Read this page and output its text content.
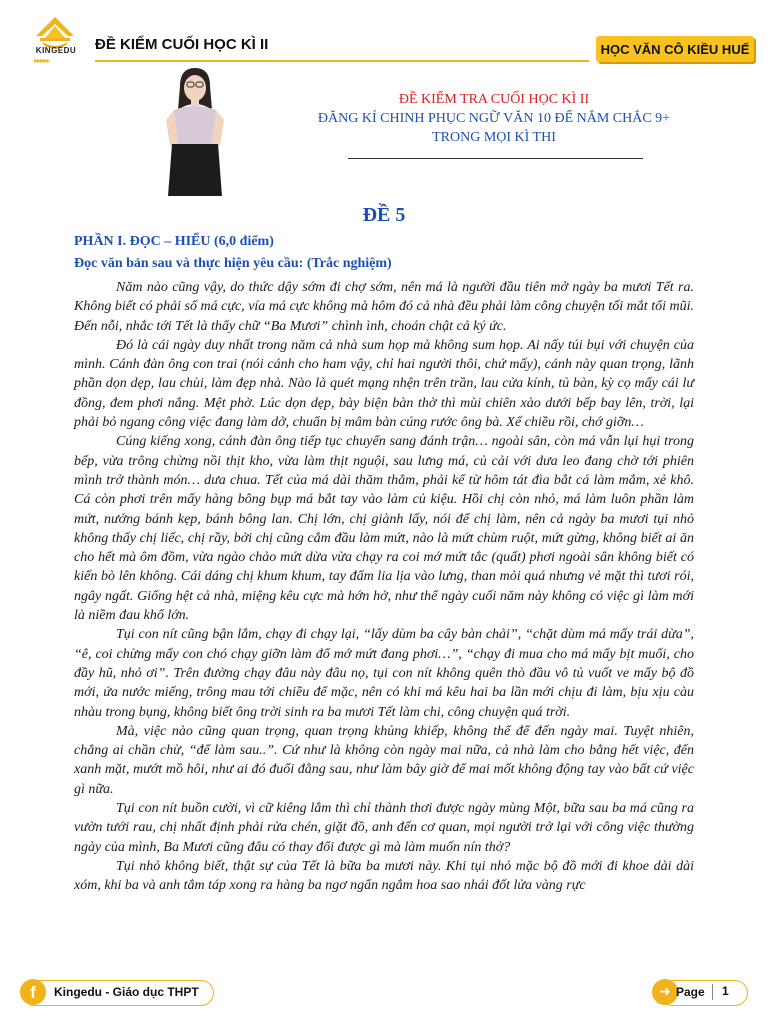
KINGEDU
▸▸▸▸▸
ĐỀ KIỂM CUỐI HỌC KÌ II	HỌC VĂN CÔ KIỀU HUẾ
ĐỀ KIỂM TRA CUỐI HỌC KÌ II
ĐĂNG KÍ CHINH PHỤC NGỮ VĂN 10 ĐỂ NẮM CHẮC 9+
TRONG MỌI KÌ THI
ĐỀ 5
PHẦN I. ĐỌC – HIỂU (6,0 điểm)
Đọc văn bản sau và thực hiện yêu cầu: (Trắc nghiệm)

Năm nào cũng vậy, do thức dậy sớm đi chợ sớm, nên má là người đầu tiên mở ngày ba mươi Tết ra. Không biết có phải số má cực, vía má cực không mà hôm đó cả nhà đều phải làm công chuyện tối mắt tối mũi. Đến nỗi, nhắc tới Tết là thấy chữ “Ba Mươi” chình ình, choán chật cả ký ức.

Đó là cái ngày duy nhất trong năm cả nhà sum họp mà không sum họp. Ai nấy túi bụi với chuyện của mình. Cánh đàn ông con trai (nói cánh cho ham vậy, chỉ hai người thôi, chứ mấy), cánh này quan trọng, lãnh phần dọn dẹp, lau chùi, làm đẹp nhà. Nào là quét mạng nhện trên trần, lau cửa kính, tủ bàn, kỳ cọ mấy cái lư đồng, đem phơi nắng. Mệt phờ. Lúc dọn dẹp, bày biện bàn thờ thì mùi chiên xào dưới bếp bay lên, trời, lại phải bỏ ngang công việc đang làm dở, chuẩn bị mâm bàn cúng rước ông bà. Xế chiều rồi, chớ giỡn…

Cúng kiếng xong, cánh đàn ông tiếp tục chuyển sang đánh trận… ngoài sân, còn má vẫn lụi hụi trong bếp, vừa trông chừng nồi thịt kho, vừa làm thịt nguội, sau lưng má, củ cải với dưa leo đang chờ tới phiên mình trở thành món… dưa chua. Tết của má dài thăm thẳm, phải kể từ hôm tát đìa bắt cá làm mắm, xẻ khô. Cá còn phơi trên mấy hàng bông bụp má bắt tay vào làm củ kiệu. Hồi chị còn nhỏ, má làm luôn phần làm mứt, nướng bánh kẹp, bánh bông lan. Chị lớn, chị giành lấy, nói để chị làm, nên cả ngày ba mươi tụi nhỏ không thấy chị liếc, chị rầy, bởi chị cũng cắm đầu làm mứt, nào là mứt chùm ruột, mứt gừng, không biết ai ăn cho hết mà ôm đồm, vừa ngào chảo mứt dừa vừa chạy ra coi mớ mứt tắc (quất) phơi ngoài sân không biết có kiến bò lên không. Cái dáng chị khum khum, tay đấm lia lịa vào lưng, than mỏi quá nhưng vẻ mặt thì tươi rói, ngây ngất. Giống hệt cả nhà, miệng kêu cực mà hớn hở, như thể ngày cuối năm này không có việc gì làm mới là niềm đau khổ lớn.

Tụi con nít cũng bận lắm, chạy đi chạy lại, “lấy dùm ba cây bàn chải”, “chặt dùm má mấy trái dừa”, “ê, coi chừng mấy con chó chạy giỡn làm đổ mớ mứt đang phơi…”, “chạy đi mua cho má mấy bịt muối, cho đầy hũ, nhỏ ơi”. Trên đường chạy đâu này đâu nọ, tụi con nít không quên thò đầu vô tủ vuốt ve mấy bộ đồ mới, ứa nước miếng, trông mau tới chiều để mặc, nên có khi má kêu hai ba lần mới chịu đi làm, bịu xịu càu nhàu trong bụng, không biết ông trời sinh ra ba mươi Tết làm chi, công chuyện quá trời.

Mà, việc nào cũng quan trọng, quan trọng khủng khiếp, không thể để đến ngày mai. Tuyệt nhiên, chẳng ai chần chừ, “để làm sau..”. Cứ như là không còn ngày mai nữa, cả nhà làm cho bằng hết việc, đến xanh mặt, mướt mồ hôi, như ai đó đuổi đằng sau, như làm bây giờ để mai mốt không động tay vào bất cứ việc gì nữa.

Tụi con nít buồn cười, vì cữ kiêng lắm thì chỉ thành thơi được ngày mùng Một, bữa sau ba má cũng ra vườn tưới rau, chị nhất định phải rửa chén, giặt đồ, anh đến cơ quan, mọi người trở lại với công việc thường ngày của mình, Ba Mươi cũng đâu có thay đổi được gì mà làm muốn nín thở?

Tụi nhỏ không biết, thật sự của Tết là bữa ba mươi này. Khi tụi nhỏ mặc bộ đồ mới đi khoe dài dài xóm, khi ba và anh tắm táp xong ra hàng ba ngơ ngẩn ngắm hoa sao nhái đốt lửa vàng rực

f	Kingedu - Giáo dục THPT	➜ Page 1
